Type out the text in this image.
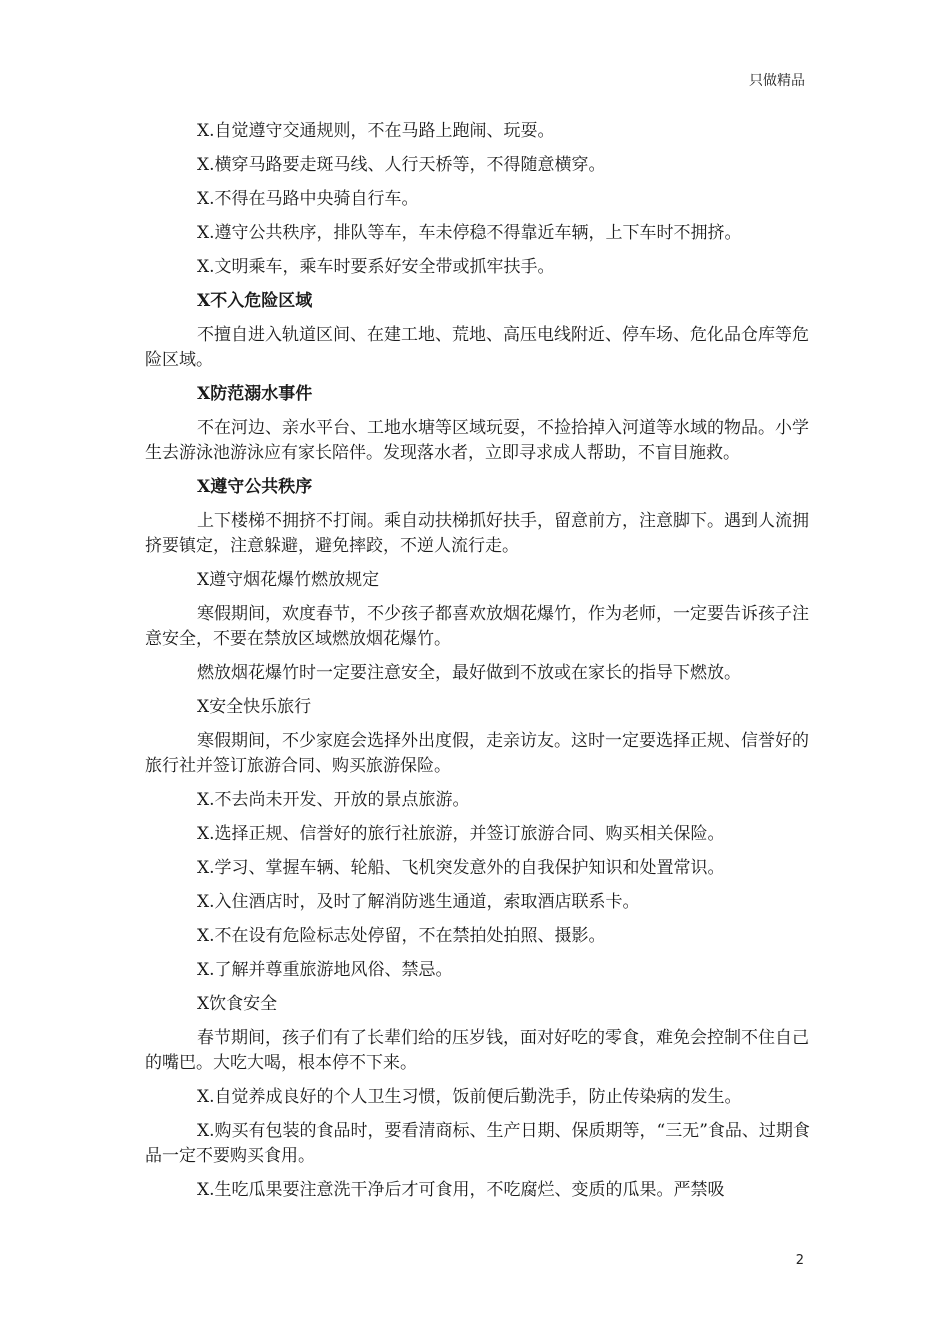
只做精品

X.自觉遵守交通规则，不在马路上跑闹、玩耍。

X.横穿马路要走斑马线、人行天桥等，不得随意横穿。

X.不得在马路中央骑自行车。

X.遵守公共秩序，排队等车，车未停稳不得靠近车辆，上下车时不拥挤。

X.文明乘车，乘车时要系好安全带或抓牢扶手。

X不入危险区域

不擅自进入轨道区间、在建工地、荒地、高压电线附近、停车场、危化品仓库等危险区域。

X防范溺水事件

不在河边、亲水平台、工地水塘等区域玩耍，不捡拾掉入河道等水域的物品。小学生去游泳池游泳应有家长陪伴。发现落水者，立即寻求成人帮助，不盲目施救。

X遵守公共秩序

上下楼梯不拥挤不打闹。乘自动扶梯抓好扶手，留意前方，注意脚下。遇到人流拥挤要镇定，注意躲避，避免摔跤，不逆人流行走。

X遵守烟花爆竹燃放规定

寒假期间，欢度春节，不少孩子都喜欢放烟花爆竹，作为老师，一定要告诉孩子注意安全，不要在禁放区域燃放烟花爆竹。

燃放烟花爆竹时一定要注意安全，最好做到不放或在家长的指导下燃放。

X安全快乐旅行

寒假期间，不少家庭会选择外出度假，走亲访友。这时一定要选择正规、信誉好的旅行社并签订旅游合同、购买旅游保险。

X.不去尚未开发、开放的景点旅游。

X.选择正规、信誉好的旅行社旅游，并签订旅游合同、购买相关保险。

X.学习、掌握车辆、轮船、飞机突发意外的自我保护知识和处置常识。

X.入住酒店时，及时了解消防逃生通道，索取酒店联系卡。

X.不在设有危险标志处停留，不在禁拍处拍照、摄影。

X.了解并尊重旅游地风俗、禁忌。

X饮食安全

春节期间，孩子们有了长辈们给的压岁钱，面对好吃的零食，难免会控制不住自己的嘴巴。大吃大喝，根本停不下来。

X.自觉养成良好的个人卫生习惯，饭前便后勤洗手，防止传染病的发生。

X.购买有包装的食品时，要看清商标、生产日期、保质期等，“三无”食品、过期食品一定不要购买食用。

X.生吃瓜果要注意洗干净后才可食用，不吃腐烂、变质的瓜果。严禁吸

2
